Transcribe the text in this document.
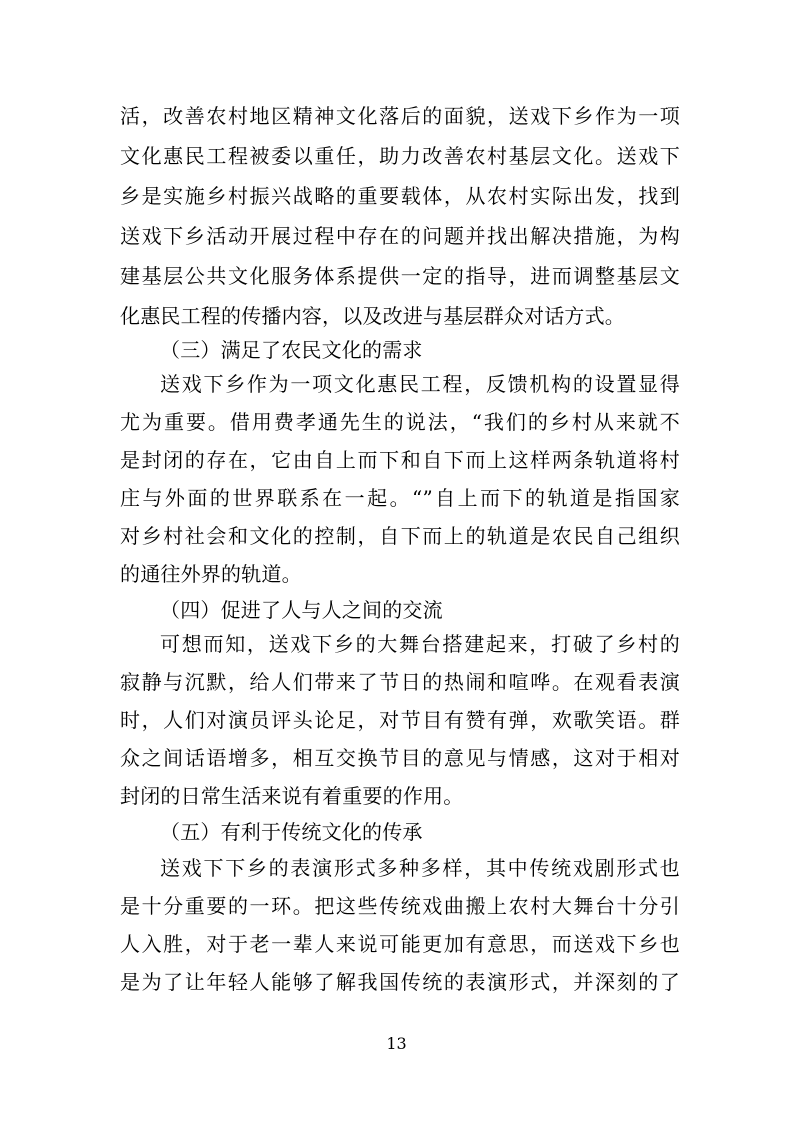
活，改善农村地区精神文化落后的面貌，送戏下乡作为一项
文化惠民工程被委以重任，助力改善农村基层文化。送戏下
乡是实施乡村振兴战略的重要载体，从农村实际出发，找到
送戏下乡活动开展过程中存在的问题并找出解决措施，为构
建基层公共文化服务体系提供一定的指导，进而调整基层文
化惠民工程的传播内容，以及改进与基层群众对话方式。
（三）满足了农民文化的需求
送戏下乡作为一项文化惠民工程，反馈机构的设置显得
尤为重要。借用费孝通先生的说法，“我们的乡村从来就不
是封闭的存在，它由自上而下和自下而上这样两条轨道将村
庄与外面的世界联系在一起。“”自上而下的轨道是指国家
对乡村社会和文化的控制，自下而上的轨道是农民自己组织
的通往外界的轨道。
（四）促进了人与人之间的交流
可想而知，送戏下乡的大舞台搭建起来，打破了乡村的
寂静与沉默，给人们带来了节日的热闹和喧哗。在观看表演
时，人们对演员评头论足，对节目有赞有弹，欢歌笑语。群
众之间话语增多，相互交换节目的意见与情感，这对于相对
封闭的日常生活来说有着重要的作用。
（五）有利于传统文化的传承
送戏下下乡的表演形式多种多样，其中传统戏剧形式也
是十分重要的一环。把这些传统戏曲搬上农村大舞台十分引
人入胜，对于老一辈人来说可能更加有意思，而送戏下乡也
是为了让年轻人能够了解我国传统的表演形式，并深刻的了
13
